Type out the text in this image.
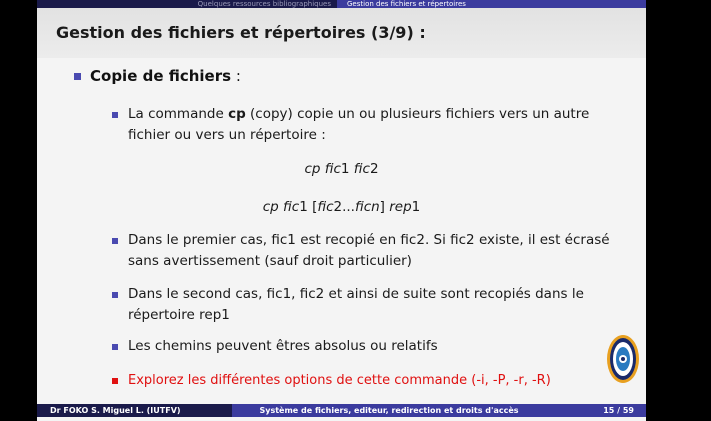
Quelques ressources bibliographiques	Gestion des fichiers et répertoires
Gestion des fichiers et répertoires (3/9) :
Copie de fichiers :
La commande cp (copy) copie un ou plusieurs fichiers vers un autre
fichier ou vers un répertoire :
cp fic1 fic2
cp fic1 [fic2...ficn] rep1
Dans le premier cas, fic1 est recopié en fic2. Si fic2 existe, il est écrasé
sans avertissement (sauf droit particulier)
Dans le second cas, fic1, fic2 et ainsi de suite sont recopiés dans le
répertoire rep1
Les chemins peuvent êtres absolus ou relatifs
Explorez les différentes options de cette commande (-i, -P, -r, -R)
Dr FOKO S. Miguel L. (IUTFV)	Système de fichiers, editeur, redirection et droits d'accès	15 / 59
